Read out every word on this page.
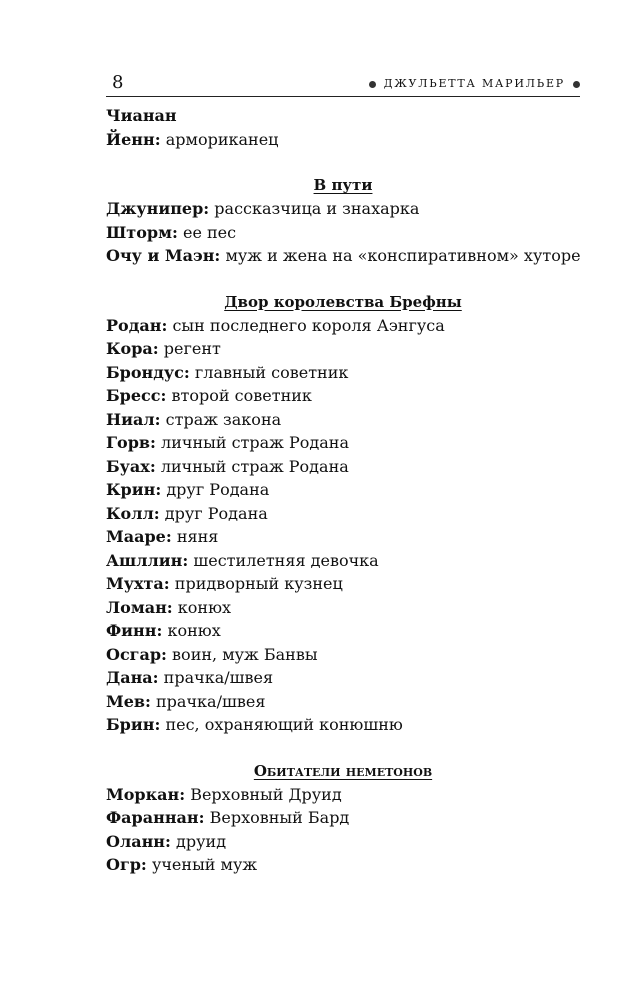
8	ДЖУЛЬЕТТА МАРИЛЬЕР
Чианан
Йенн: арморикaнец
В пути
Джунипер: рассказчица и знахарка
Шторм: ее пес
Очу и Маэн: муж и жена на «конспиративном» хуторе
Двор королевства Брефны
Родан: сын последнего короля Аэнгуса
Кора: регент
Брондус: главный советник
Бресс: второй советник
Ниал: страж закона
Горв: личный страж Родана
Буах: личный страж Родана
Крин: друг Родана
Колл: друг Родана
Мааре: няня
Ашллин: шестилетняя девочка
Мухта: придворный кузнец
Ломан: конюх
Финн: конюх
Осгар: воин, муж Банвы
Дана: прачка/швея
Мев: прачка/швея
Брин: пес, охраняющий конюшню
Обитатели неметонов
Моркан: Верховный Друид
Фараннан: Верховный Бард
Оланн: друид
Огр: ученый муж
